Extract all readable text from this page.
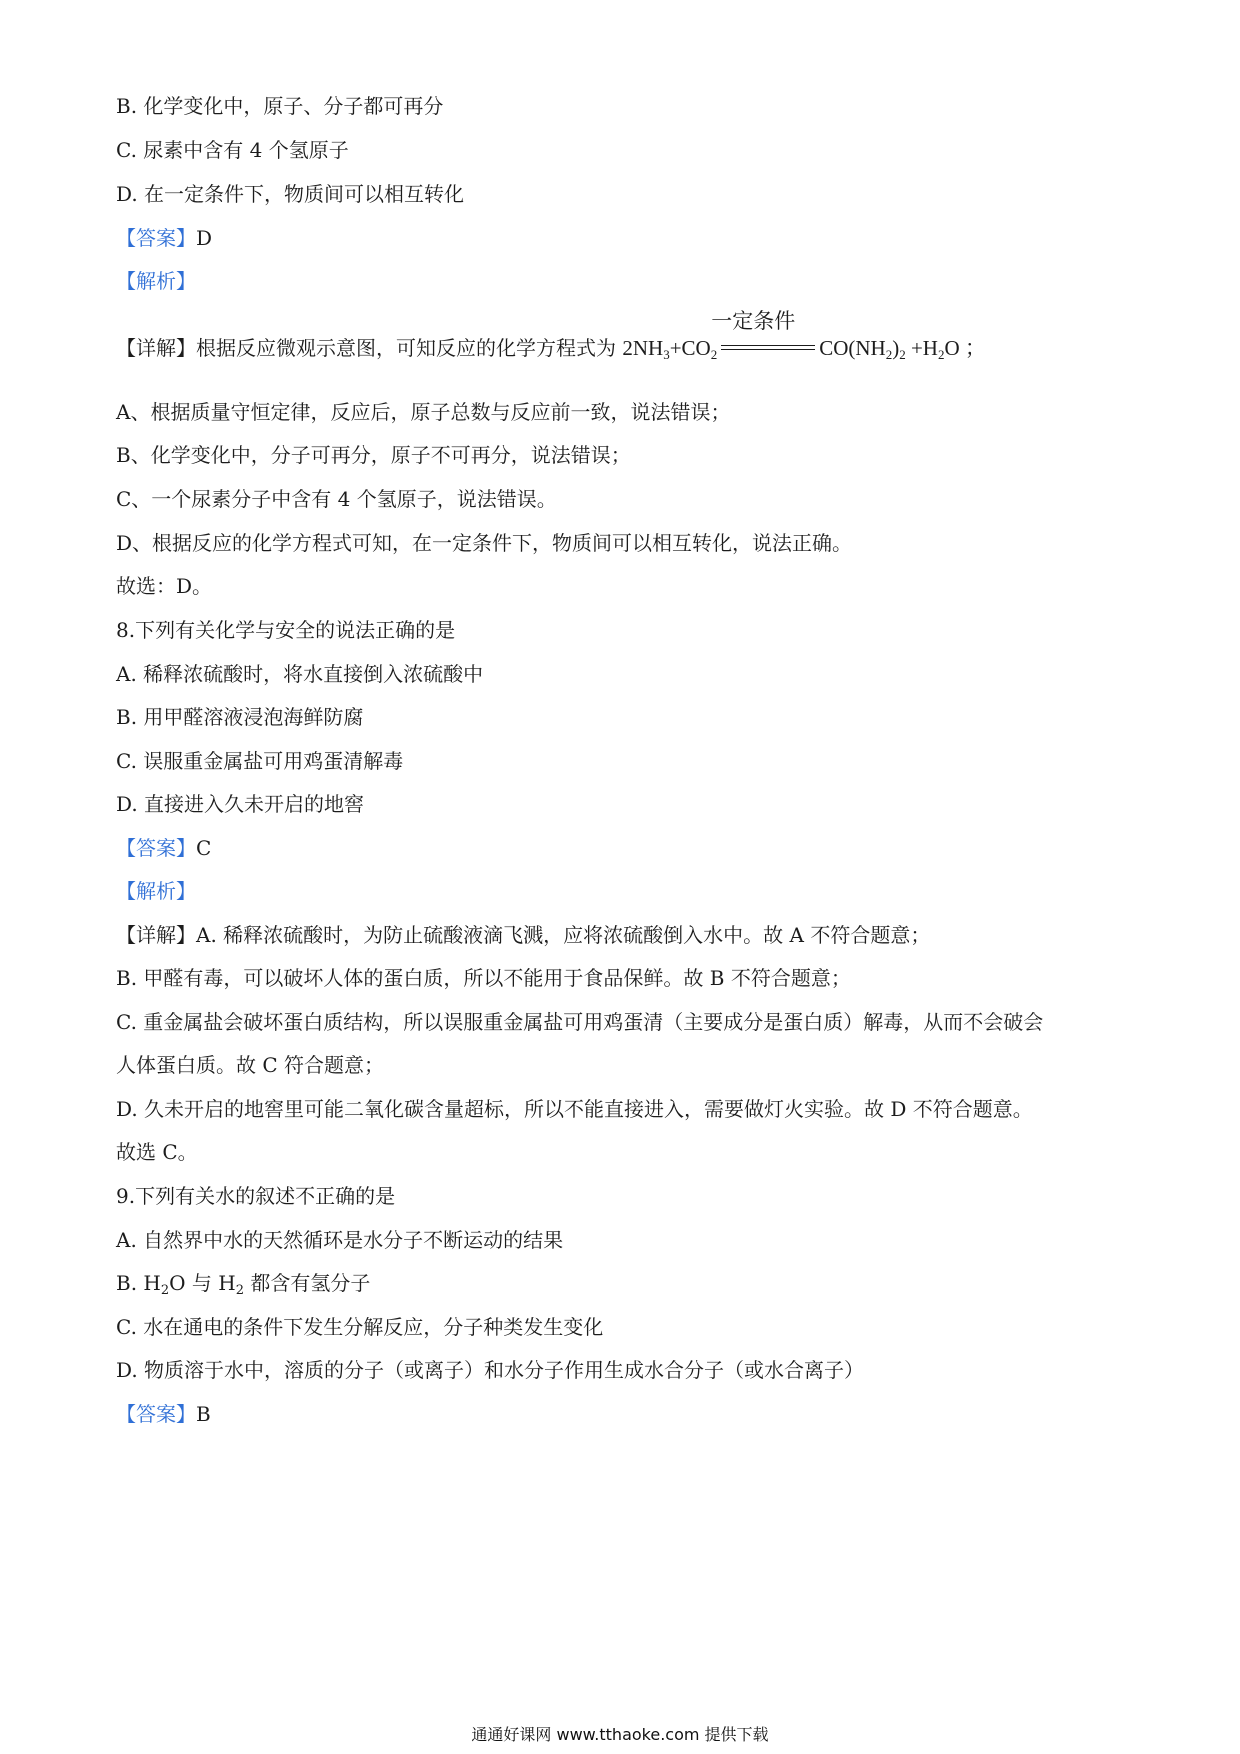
B. 化学变化中，原子、分子都可再分
C. 尿素中含有 4 个氢原子
D. 在一定条件下，物质间可以相互转化
【答案】D
【解析】
【详解】根据反应微观示意图，可知反应的化学方程式为 $2NH_3+CO_2$
一定条件
$CO(NH_2)_2 +H_2O$ ；
A、根据质量守恒定律，反应后，原子总数与反应前一致，说法错误；
B、化学变化中，分子可再分，原子不可再分，说法错误；
C、一个尿素分子中含有 4 个氢原子，说法错误。
D、根据反应的化学方程式可知，在一定条件下，物质间可以相互转化，说法正确。
故选：D。
8.下列有关化学与安全的说法正确的是
A. 稀释浓硫酸时，将水直接倒入浓硫酸中
B. 用甲醛溶液浸泡海鲜防腐
C. 误服重金属盐可用鸡蛋清解毒
D. 直接进入久未开启的地窖
【答案】C
【解析】
【详解】A. 稀释浓硫酸时，为防止硫酸液滴飞溅，应将浓硫酸倒入水中。故 A 不符合题意；
B. 甲醛有毒，可以破坏人体的蛋白质，所以不能用于食品保鲜。故 B 不符合题意；
C. 重金属盐会破坏蛋白质结构，所以误服重金属盐可用鸡蛋清（主要成分是蛋白质）解毒，从而不会破会
人体蛋白质。故 C 符合题意；
D. 久未开启的地窖里可能二氧化碳含量超标，所以不能直接进入，需要做灯火实验。故 D 不符合题意。
故选 C。
9.下列有关水的叙述不正确的是
A. 自然界中水的天然循环是水分子不断运动的结果
B. $H_2O$ 与 $H_2$ 都含有氢分子
C. 水在通电的条件下发生分解反应，分子种类发生变化
D. 物质溶于水中，溶质的分子（或离子）和水分子作用生成水合分子（或水合离子）
【答案】B
通通好课网 www.tthaoke.com 提供下载
